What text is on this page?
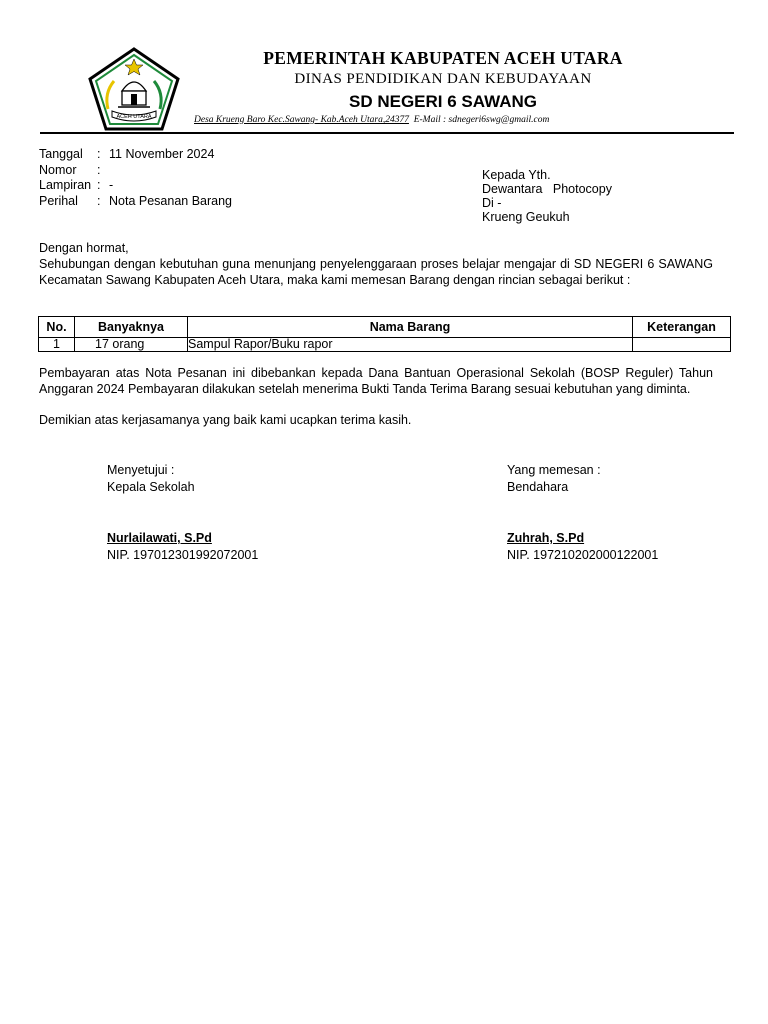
ACEH UTARA
PEMERINTAH KABUPATEN ACEH UTARA
DINAS PENDIDIKAN DAN KEBUDAYAAN
SD NEGERI 6 SAWANG
Desa Krueng Baro Kec.Sawang- Kab.Aceh Utara,24377  E-Mail : sdnegeri6swg@gmail.com
Tanggal	: 11 November 2024
Nomor	:
Lampiran : -
Perihal	: Nota Pesanan Barang
Kepada Yth.
Dewantara   Photocopy
Di -
Krueng Geukuh
Dengan hormat,
Sehubungan dengan kebutuhan guna menunjang penyelenggaraan proses belajar mengajar di SD NEGERI 6 SAWANG Kecamatan Sawang Kabupaten Aceh Utara, maka kami memesan Barang dengan rincian sebagai berikut :
No.	Banyaknya	Nama Barang	Keterangan
1	17 orang	Sampul Rapor/Buku rapor	
Pembayaran atas Nota Pesanan ini dibebankan kepada Dana Bantuan Operasional Sekolah (BOSP Reguler) Tahun Anggaran 2024 Pembayaran dilakukan setelah menerima Bukti Tanda Terima Barang sesuai kebutuhan yang diminta.
Demikian atas kerjasamanya yang baik kami ucapkan terima kasih.
Menyetujui :
Kepala Sekolah
Nurlailawati, S.Pd
NIP. 197012301992072001
Yang memesan :
Bendahara
Zuhrah, S.Pd
NIP. 197210202000122001
